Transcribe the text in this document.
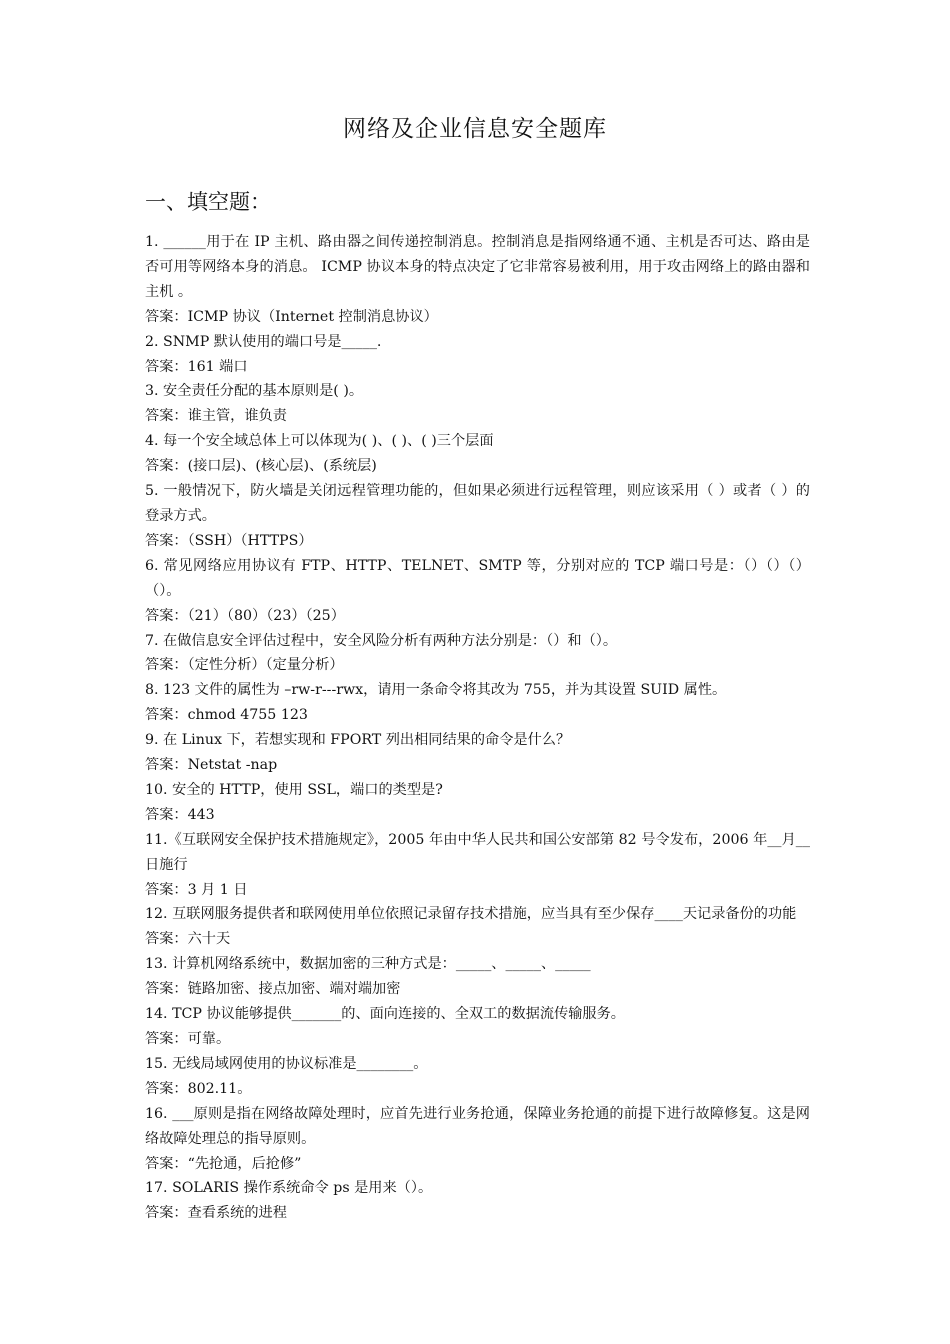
网络及企业信息安全题库
一、填空题：
1. ______用于在 IP 主机、路由器之间传递控制消息。控制消息是指网络通不通、主机是否可达、路由是否可用等网络本身的消息。 ICMP 协议本身的特点决定了它非常容易被利用，用于攻击网络上的路由器和主机 。
答案：ICMP 协议（Internet 控制消息协议）
2. SNMP 默认使用的端口号是_____.
答案：161 端口
3. 安全责任分配的基本原则是( )。
答案：谁主管，谁负责
4. 每一个安全域总体上可以体现为( )、( )、( )三个层面
答案：(接口层)、(核心层)、(系统层)
5. 一般情况下，防火墙是关闭远程管理功能的，但如果必须进行远程管理，则应该采用（ ）或者（ ）的登录方式。
答案：（SSH）（HTTPS）
6. 常见网络应用协议有 FTP、HTTP、TELNET、SMTP 等，分别对应的 TCP 端口号是：（）（）（）（）。
答案：（21）（80）（23）（25）
7. 在做信息安全评估过程中，安全风险分析有两种方法分别是：（）和（）。
答案：（定性分析）（定量分析）
8. 123 文件的属性为 –rw-r---rwx，请用一条命令将其改为 755，并为其设置 SUID 属性。
答案：chmod 4755 123
9. 在 Linux 下，若想实现和 FPORT 列出相同结果的命令是什么？
答案：Netstat -nap
10. 安全的 HTTP，使用 SSL，端口的类型是?
答案：443
11.《互联网安全保护技术措施规定》，2005 年由中华人民共和国公安部第 82 号令发布，2006 年__月__日施行
答案：3 月 1 日
12. 互联网服务提供者和联网使用单位依照记录留存技术措施，应当具有至少保存____天记录备份的功能
答案：六十天
13. 计算机网络系统中，数据加密的三种方式是：_____、_____、_____
答案：链路加密、接点加密、端对端加密
14. TCP 协议能够提供_______的、面向连接的、全双工的数据流传输服务。
答案：可靠。
15. 无线局域网使用的协议标准是________。
答案：802.11。
16. ___原则是指在网络故障处理时，应首先进行业务抢通，保障业务抢通的前提下进行故障修复。这是网络故障处理总的指导原则。
答案：“先抢通，后抢修”
17. SOLARIS 操作系统命令 ps 是用来（）。
答案：查看系统的进程
